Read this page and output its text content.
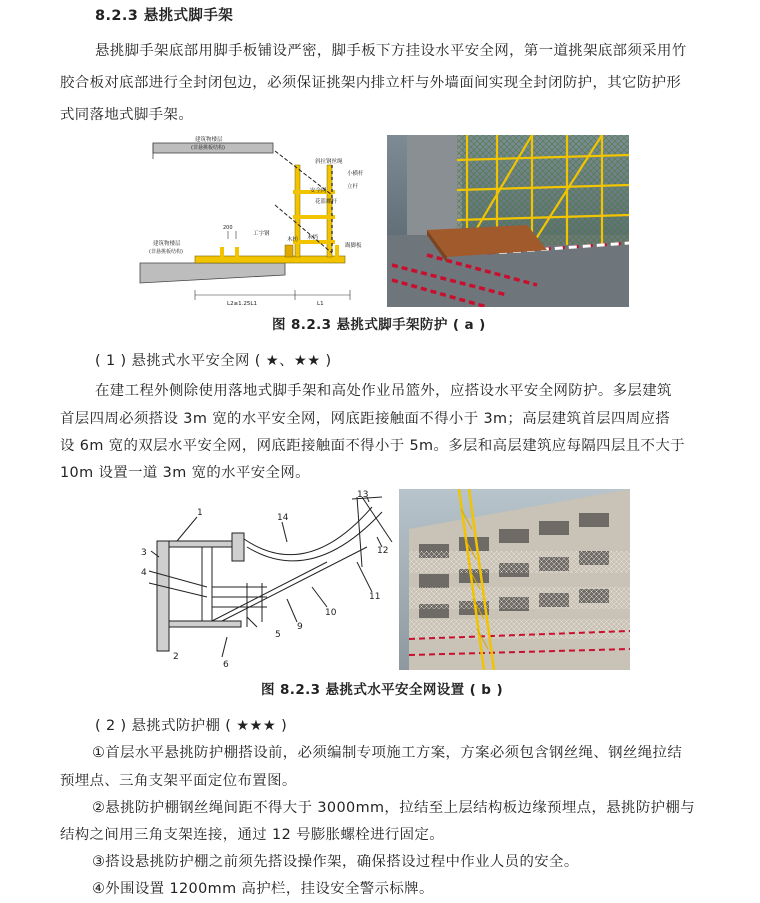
8.2.3 悬挑式脚手架
悬挑脚手架底部用脚手板铺设严密，脚手板下方挂设水平安全网，第一道挑架底部须采用竹
胶合板对底部进行全封闭包边，必须保证挑架内排立杆与外墙面间实现全封闭防护，其它防护形
式同落地式脚手架。
建筑物楼层
(非悬挑板结构)
建筑物楼层
(非悬挑板结构)
斜拉钢丝绳
小横杆
安全网
立杆
花篮螺杆
工字钢
木枋 木挡
踢脚板
200
L2≥1.25L1	L1
图 8.2.3 悬挑式脚手架防护 ( a )
( 1 ) 悬挑式水平安全网 ( ★、★★ )
在建工程外侧除使用落地式脚手架和高处作业吊篮外，应搭设水平安全网防护。多层建筑
首层四周必须搭设 3m 宽的水平安全网，网底距接触面不得小于 3m；高层建筑首层四周应搭
设 6m 宽的双层水平安全网，网底距接触面不得小于 5m。多层和高层建筑应每隔四层且不大于
10m 设置一道 3m 宽的水平安全网。
1
2
3
4
5
6
9
10
11
12
13
14
图 8.2.3 悬挑式水平安全网设置 ( b )
( 2 ) 悬挑式防护棚 ( ★★★ )
①首层水平悬挑防护棚搭设前，必须编制专项施工方案，方案必须包含钢丝绳、钢丝绳拉结
预埋点、三角支架平面定位布置图。
②悬挑防护棚钢丝绳间距不得大于 3000mm，拉结至上层结构板边缘预埋点，悬挑防护棚与
结构之间用三角支架连接，通过 12 号膨胀螺栓进行固定。
③搭设悬挑防护棚之前须先搭设操作架，确保搭设过程中作业人员的安全。
④外围设置 1200mm 高护栏，挂设安全警示标牌。
